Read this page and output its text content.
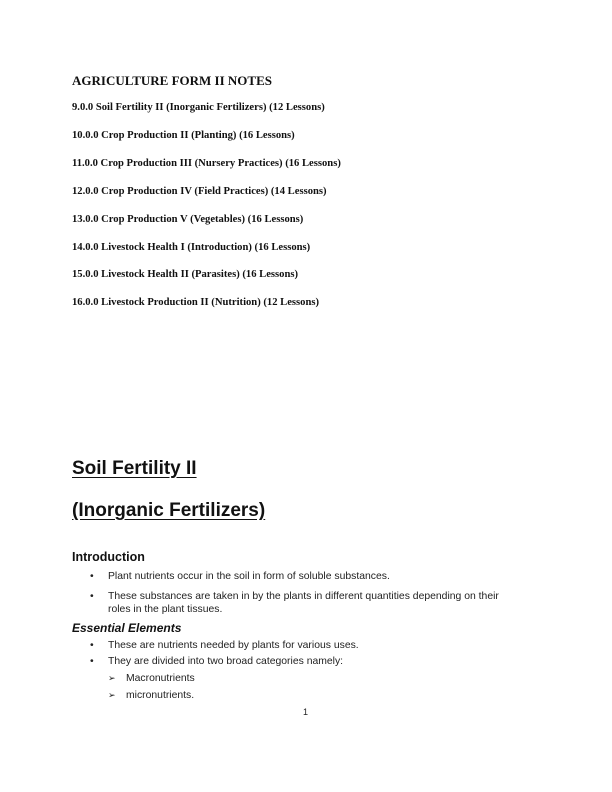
AGRICULTURE FORM II NOTES
9.0.0 Soil Fertility II (Inorganic Fertilizers) (12 Lessons)
10.0.0 Crop Production II (Planting) (16 Lessons)
11.0.0 Crop Production III (Nursery Practices) (16 Lessons)
12.0.0 Crop Production IV (Field Practices) (14 Lessons)
13.0.0 Crop Production V (Vegetables) (16 Lessons)
14.0.0 Livestock Health I (Introduction) (16 Lessons)
15.0.0 Livestock Health II (Parasites) (16 Lessons)
16.0.0 Livestock Production II (Nutrition) (12 Lessons)
Soil Fertility II
(Inorganic Fertilizers)
Introduction
• Plant nutrients occur in the soil in form of soluble substances.
• These substances are taken in by the plants in different quantities depending on their
roles in the plant tissues.
Essential Elements
• These are nutrients needed by plants for various uses.
• They are divided into two broad categories namely:
➢ Macronutrients
➢ micronutrients.
1
